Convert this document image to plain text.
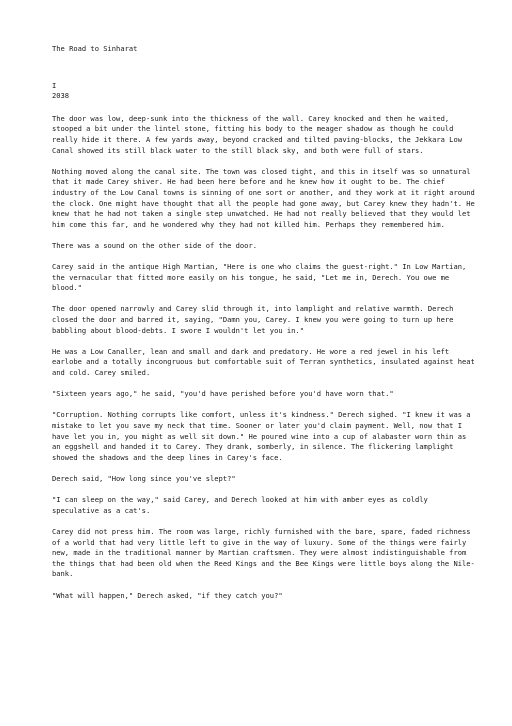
The Road to Sinharat
I
2038

The door was low, deep-sunk into the thickness of the wall. Carey knocked and then he waited, stooped a bit under the lintel stone, fitting his body to the meager shadow as though he could really hide it there. A few yards away, beyond cracked and tilted paving-blocks, the Jekkara Low Canal showed its still black water to the still black sky, and both were full of stars.

Nothing moved along the canal site. The town was closed tight, and this in itself was so unnatural that it made Carey shiver. He had been here before and he knew how it ought to be. The chief industry of the Low Canal towns is sinning of one sort or another, and they work at it right around the clock. One might have thought that all the people had gone away, but Carey knew they hadn't. He knew that he had not taken a single step unwatched. He had not really believed that they would let him come this far, and he wondered why they had not killed him. Perhaps they remembered him.

There was a sound on the other side of the door.

Carey said in the antique High Martian, "Here is one who claims the guest-right." In Low Martian, the vernacular that fitted more easily on his tongue, he said, "Let me in, Derech. You owe me blood."

The door opened narrowly and Carey slid through it, into lamplight and relative warmth. Derech closed the door and barred it, saying, "Damn you, Carey. I knew you were going to turn up here babbling about blood-debts. I swore I wouldn't let you in."

He was a Low Canaller, lean and small and dark and predatory. He wore a red jewel in his left earlobe and a totally incongruous but comfortable suit of Terran synthetics, insulated against heat and cold. Carey smiled.

"Sixteen years ago," he said, "you'd have perished before you'd have worn that."

"Corruption. Nothing corrupts like comfort, unless it's kindness." Derech sighed. "I knew it was a mistake to let you save my neck that time. Sooner or later you'd claim payment. Well, now that I have let you in, you might as well sit down." He poured wine into a cup of alabaster worn thin as an eggshell and handed it to Carey. They drank, somberly, in silence. The flickering lamplight showed the shadows and the deep lines in Carey's face.

Derech said, "How long since you've slept?"

"I can sleep on the way," said Carey, and Derech looked at him with amber eyes as coldly speculative as a cat's.

Carey did not press him. The room was large, richly furnished with the bare, spare, faded richness of a world that had very little left to give in the way of luxury. Some of the things were fairly new, made in the traditional manner by Martian craftsmen. They were almost indistinguishable from the things that had been old when the Reed Kings and the Bee Kings were little boys along the Nile-bank.

"What will happen," Derech asked, "if they catch you?"
